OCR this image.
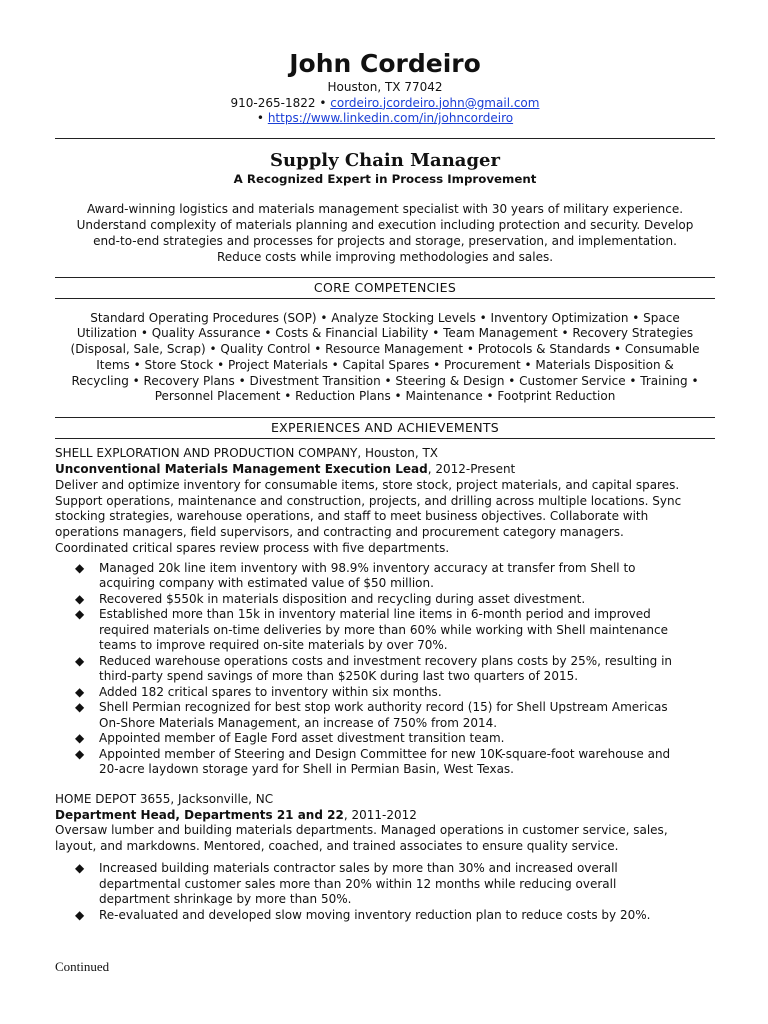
John Cordeiro
Houston, TX 77042
910-265-1822 • cordeiro.jcordeiro.john@gmail.com
• https://www.linkedin.com/in/johncordeiro
Supply Chain Manager
A Recognized Expert in Process Improvement
Award-winning logistics and materials management specialist with 30 years of military experience.
Understand complexity of materials planning and execution including protection and security. Develop
end-to-end strategies and processes for projects and storage, preservation, and implementation.
Reduce costs while improving methodologies and sales.
CORE COMPETENCIES
Standard Operating Procedures (SOP) • Analyze Stocking Levels • Inventory Optimization • Space
Utilization • Quality Assurance • Costs & Financial Liability • Team Management • Recovery Strategies
(Disposal, Sale, Scrap) • Quality Control • Resource Management • Protocols & Standards • Consumable
Items • Store Stock • Project Materials • Capital Spares • Procurement • Materials Disposition &
Recycling • Recovery Plans • Divestment Transition • Steering & Design • Customer Service • Training •
Personnel Placement • Reduction Plans • Maintenance • Footprint Reduction
EXPERIENCES AND ACHIEVEMENTS
SHELL EXPLORATION AND PRODUCTION COMPANY, Houston, TX
Unconventional Materials Management Execution Lead, 2012-Present
Deliver and optimize inventory for consumable items, store stock, project materials, and capital spares.
Support operations, maintenance and construction, projects, and drilling across multiple locations. Sync
stocking strategies, warehouse operations, and staff to meet business objectives. Collaborate with
operations managers, field supervisors, and contracting and procurement category managers.
Coordinated critical spares review process with five departments.
◆ Managed 20k line item inventory with 98.9% inventory accuracy at transfer from Shell to
acquiring company with estimated value of $50 million.
◆ Recovered $550k in materials disposition and recycling during asset divestment.
◆ Established more than 15k in inventory material line items in 6-month period and improved
required materials on-time deliveries by more than 60% while working with Shell maintenance
teams to improve required on-site materials by over 70%.
◆ Reduced warehouse operations costs and investment recovery plans costs by 25%, resulting in
third-party spend savings of more than $250K during last two quarters of 2015.
◆ Added 182 critical spares to inventory within six months.
◆ Shell Permian recognized for best stop work authority record (15) for Shell Upstream Americas
On-Shore Materials Management, an increase of 750% from 2014.
◆ Appointed member of Eagle Ford asset divestment transition team.
◆ Appointed member of Steering and Design Committee for new 10K-square-foot warehouse and
20-acre laydown storage yard for Shell in Permian Basin, West Texas.
HOME DEPOT 3655, Jacksonville, NC
Department Head, Departments 21 and 22, 2011-2012
Oversaw lumber and building materials departments. Managed operations in customer service, sales,
layout, and markdowns. Mentored, coached, and trained associates to ensure quality service.
◆ Increased building materials contractor sales by more than 30% and increased overall
departmental customer sales more than 20% within 12 months while reducing overall
department shrinkage by more than 50%.
◆ Re-evaluated and developed slow moving inventory reduction plan to reduce costs by 20%.
Continued
